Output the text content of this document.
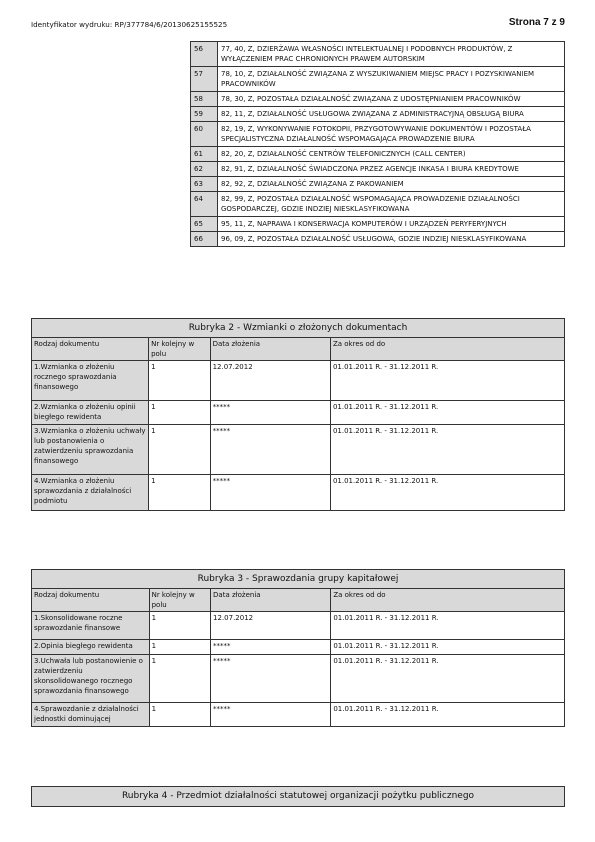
Identyfikator wydruku: RP/377784/6/20130625155525	Strona 7 z 9
56	77, 40, Z, DZIERŻAWA WŁASNOŚCI INTELEKTUALNEJ I PODOBNYCH PRODUKTÓW, Z WYŁĄCZENIEM PRAC CHRONIONYCH PRAWEM AUTORSKIM
57	78, 10, Z, DZIAŁALNOŚĆ ZWIĄZANA Z WYSZUKIWANIEM MIEJSC PRACY I POZYSKIWANIEM PRACOWNIKÓW
58	78, 30, Z, POZOSTAŁA DZIAŁALNOŚĆ ZWIĄZANA Z UDOSTĘPNIANIEM PRACOWNIKÓW
59	82, 11, Z, DZIAŁALNOŚĆ USŁUGOWA ZWIĄZANA Z ADMINISTRACYJNĄ OBSŁUGĄ BIURA
60	82, 19, Z, WYKONYWANIE FOTOKOPII, PRZYGOTOWYWANIE DOKUMENTÓW I POZOSTAŁA SPECJALISTYCZNA DZIAŁALNOŚĆ WSPOMAGAJĄCA PROWADZENIE BIURA
61	82, 20, Z, DZIAŁALNOŚĆ CENTRÓW TELEFONICZNYCH (CALL CENTER)
62	82, 91, Z, DZIAŁALNOŚĆ ŚWIADCZONA PRZEZ AGENCJE INKASA I BIURA KREDYTOWE
63	82, 92, Z, DZIAŁALNOŚĆ ZWIĄZANA Z PAKOWANIEM
64	82, 99, Z, POZOSTAŁA DZIAŁALNOŚĆ WSPOMAGAJĄCA PROWADZENIE DZIAŁALNOŚCI GOSPODARCZEJ, GDZIE INDZIEJ NIESKLASYFIKOWANA
65	95, 11, Z, NAPRAWA I KONSERWACJA KOMPUTERÓW I URZĄDZEŃ PERYFERYJNYCH
66	96, 09, Z, POZOSTAŁA DZIAŁALNOŚĆ USŁUGOWA, GDZIE INDZIEJ NIESKLASYFIKOWANA
Rubryka 2 - Wzmianki o złożonych dokumentach			
Rodzaj dokumentu	Nr kolejny w polu	Data złożenia	Za okres od do
1.Wzmianka o złożeniu rocznego sprawozdania finansowego	1	12.07.2012	01.01.2011 R. - 31.12.2011 R.
2.Wzmianka o złożeniu opinii biegłego rewidenta	1	*****	01.01.2011 R. - 31.12.2011 R.
3.Wzmianka o złożeniu uchwały lub postanowienia o zatwierdzeniu sprawozdania finansowego	1	*****	01.01.2011 R. - 31.12.2011 R.
4.Wzmianka o złożeniu sprawozdania z działalności podmiotu	1	*****	01.01.2011 R. - 31.12.2011 R.
Rubryka 3 - Sprawozdania grupy kapitałowej			
Rodzaj dokumentu	Nr kolejny w polu	Data złożenia	Za okres od do
1.Skonsolidowane roczne sprawozdanie finansowe	1	12.07.2012	01.01.2011 R. - 31.12.2011 R.
2.Opinia biegłego rewidenta	1	*****	01.01.2011 R. - 31.12.2011 R.
3.Uchwała lub postanowienie o zatwierdzeniu skonsolidowanego rocznego sprawozdania finansowego	1	*****	01.01.2011 R. - 31.12.2011 R.
4.Sprawozdanie z działalności jednostki dominującej	1	*****	01.01.2011 R. - 31.12.2011 R.
Rubryka 4 - Przedmiot działalności statutowej organizacji pożytku publicznego
